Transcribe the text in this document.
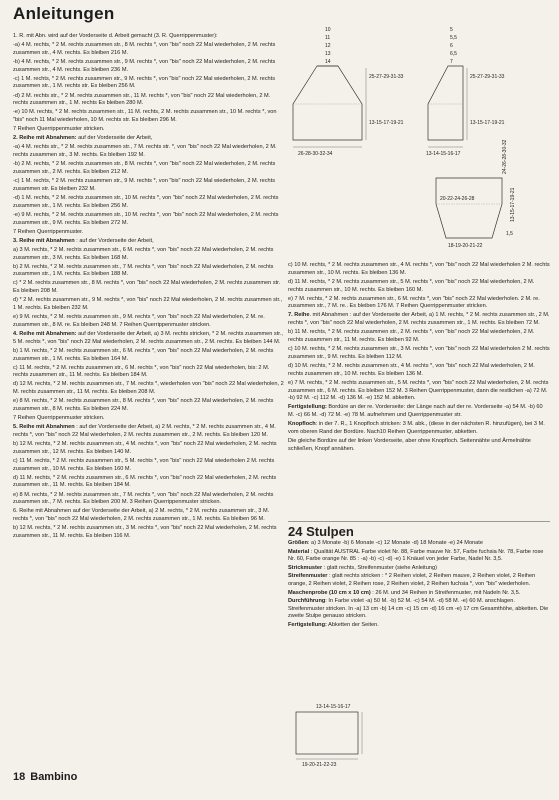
Anleitungen

1. R. mit Abn. wird auf der Vorderseite d. Arbeit gemacht (3. R. Querrippenmuster):

-a) 4 M. rechts, * 2 M. rechts zusammen str., 8 M. rechts *, von "bis" noch 22 Mal wiederholen, 2 M. rechts zusammen str., 4 M. rechts. Es bleiben 216 M.

-b) 4 M. rechts, * 2 M. rechts zusammen str., 9 M. rechts *, von "bis" noch 22 Mal wiederholen, 2 M. rechts zusammen str., 4 M. rechts. Es bleiben 236 M.

-c) 1 M. rechts, * 2 M. rechts zusammen str., 9 M. rechts *, von "bis" noch 22 Mal wiederholen, 2 M. rechts zusammen str., 1 M. rechts str. Es bleiben 256 M.

-d) 2 M. rechts str., * 2 M. rechts zusammen str., 11 M. rechts *, von "bis" noch 22 Mal wiederholen, 2 M. rechts zusammen str., 1 M. rechts Es bleiben 280 M.

-e) 10 M. rechts, * 2 M. rechts zusammen str., 11 M. rechts, 2 M. rechts zusammen str., 10 M. rechts *, von "bis" noch 11 Mal wiederholen, 10 M. rechts str. Es bleiben 296 M.

7 Reihen Querrippenmuster stricken.

2. Reihe mit Abnahmen: auf der Vorderseite der Arbeit,

-a) 4 M. rechts str., * 2 M. rechts zusammen str., 7 M. rechts str. *, von "bis" noch 22 Mal wiederholen, 2 M. rechts zusammen str., 3 M. rechts. Es bleiben 192 M.

-b) 2 M. rechts, * 2 M. rechts zusammen str., 8 M. rechts *, von "bis" noch 22 Mal wiederholen, 2 M. rechts zusammen str., 2 M. rechts. Es bleiben 212 M.

-c) 1 M. rechts, * 2 M. rechts zusammen str., 9 M. rechts *, von "bis" noch 22 Mal wiederholen, 2 M. rechts zusammen str. Es bleiben 232 M.

-d) 1 M. rechts, * 2 M. rechts zusammen str., 10 M. rechts *, von "bis" noch 22 Mal wiederholen, 2 M. rechts zusammen str., 1 M. rechts. Es bleiben 256 M.

-e) 9 M. rechts, * 2 M. rechts zusammen str., 10 M. rechts *, von "bis" noch 22 Mal wiederholen, 2 M. rechts zusammen str., 9 M. rechts. Es bleiben 272 M.

7 Reihen Querrippenmuster.

3. Reihe mit Abnahmen : auf der Vorderseite der Arbeit,

a) 3 M. rechts, * 2 M. rechts zusammen str., 6 M. rechts *, von "bis" noch 22 Mal wiederholen, 2 M. rechts zusammen str., 3 M. rechts. Es bleiben 168 M.

b) 2 M. rechts, * 2 M. rechts zusammen str., 7 M. rechts *, von "bis" noch 22 Mal wiederholen, 2 M. rechts zusammen str., 1 M. rechts. Es bleiben 188 M.

c) * 2 M. rechts zusammen str., 8 M. rechts *, von "bis" noch 22 Mal wiederholen, 2 M. rechts zusammen str. Es bleiben 208 M.

d) * 2 M. rechts zusammen str., 9 M. rechts *, von "bis" noch 22 Mal wiederholen, 2 M. rechts zusammen str., 1 M. rechts. Es bleiben 232 M.

e) 9 M. rechts, * 2 M. rechts zusammen str., 9 M. rechts *, von "bis" noch 22 Mal wiederholen, 2 M. re. zusammen str., 8 M. re. Es bleiben 248 M. 7 Reihen Querrippenmuster stricken.

4. Reihe mit Abnahmen: auf der Vorderseite der Arbeit, a) 3 M. rechts stricken, * 2 M. rechts zusammen str., 5 M. rechts *, von "bis" noch 22 Mal wiederholen, 2 M. rechts zusammen str., 2 M. rechts. Es bleiben 144 M.

b) 1 M. rechts, * 2 M. rechts zusammen str., 6 M. rechts *, von "bis" noch 22 Mal wiederholen, 2 M. rechts zusammen str., 1 M. rechts. Es bleiben 164 M.

c) 11 M. rechts, * 2 M. rechts zusammen str., 6 M. rechts *, von "bis" noch 22 Mal wiederholen, bis: 2 M. rechts zusammen str., 11 M. rechts. Es bleiben 184 M.

d) 12 M. rechts, * 2 M. rechts zusammen str., 7 M. rechts *, wiederholen von "bis" noch 22 Mal wiederholen, 2 M. rechts zusammen str., 11 M. rechts. Es bleiben 208 M.

e) 8 M. rechts, * 2 M. rechts zusammen str., 8 M. rechts *, von "bis" noch 22 Mal wiederholen, 2 M. rechts zusammen str., 8 M. rechts. Es bleiben 224 M.

7 Reihen Querrippenmuster stricken.

5. Reihe mit Abnahmen : auf der Vorderseite der Arbeit, a) 2 M. rechts, * 2 M. rechts zusammen str., 4 M. rechts *, von "bis" noch 22 Mal wiederholen, 2 M. rechts zusammen str., 2 M. rechts. Es bleiben 120 M.

b) 12 M. rechts, * 2 M. rechts zusammen str., 4 M. rechts *, von "bis" noch 22 Mal wiederholen, 2 M. rechts zusammen str., 12 M. rechts. Es bleiben 140 M.

c) 11 M. rechts, * 2 M. rechts zusammen str., 5 M. rechts *, von "bis" noch 22 Mal wiederholen 2 M. rechts zusammen str., 10 M. rechts. Es bleiben 160 M.

d) 11 M. rechts, * 2 M. rechts zusammen str., 6 M. rechts *, von "bis" noch 22 Mal wiederholen, 2 M. rechts zusammen str., 11 M. rechts. Es bleiben 184 M.

e) 8 M. rechts, * 2 M. rechts zusammen str., 7 M. rechts *, von "bis" noch 22 Mal wiederholen, 2 M. rechts zusammen str., 7 M. rechts. Es bleiben 200 M. 3 Reihen Querrippenmuster stricken.

6. Reihe mit Abnahmen auf der Vorderseite der Arbeit, a) 2 M. rechts, * 2 M. rechts zusammen str., 3 M. rechts *, von "bis" noch 22 Mal wiederholen, 2 M. rechts zusammen str., 1 M. rechts. Es bleiben 96 M.

b) 12 M. rechts, * 2 M. rechts zusammen str., 3 M. rechts *, von "bis" noch 22 Mal wiederholen, 2 M. rechts zusammen str., 11 M. rechts. Es bleiben 116 M.

10
11
12
13
14
25-27-29-31-33
13-15-17-19-21
26-28-30-32-34
5
5,5
6
6,5
7
25-27-29-31-33
13-15-17-19-21
13-14-15-16-17	24-26-28-30-32
20-22-24-26-28	13-15-17-19-21
1,5
18-19-20-21-22

c) 10 M. rechts, * 2 M. rechts zusammen str., 4 M. rechts *, von "bis" noch 22 Mal wiederholen 2 M. rechts zusammen str., 10 M. rechts. Es bleiben 136 M.

d) 11 M. rechts, * 2 M. rechts zusammen str., 5 M. rechts *, von "bis" noch 22 Mal wiederholen, 2 M. rechts zusammen str., 10 M. rechts. Es bleiben 160 M.

e) 7 M. rechts, * 2 M. rechts zusammen str., 6 M. rechts *, von "bis" noch 22 Mal wiederholen. 2 M. re. zusammen str., 7 M. re.. Es bleiben 176 M. 7 Reihen Querrippenmuster stricken.

7. Reihe. mit Abnahmen : auf der Vorderseite der Arbeit, a) 1 M. rechts, * 2 M. rechts zusammen str., 2 M. rechts *, von "bis" noch 22 Mal wiederholen, 2 M. rechts zusammen str., 1 M. rechts. Es bleiben 72 M.

b) 11 M. rechts, * 2 M. rechts zusammen str., 2 M. rechts *, von "bis" noch 22 Mal wiederholen, 2 M. rechts zusammen str., 11 M. rechts. Es bleiben 92 M.

c) 10 M. rechts, * 2 M. rechts zusammen str., 3 M. rechts *, von "bis" noch 22 Mal wiederholen 2 M. rechts zusammen str., 9 M. rechts. Es bleiben 112 M.

d) 10 M. rechts, * 2 M. rechts zusammen str., 4 M. rechts *, von "bis" noch 22 Mal wiederholen, 2 M. rechts zusammen str., 10 M. rechts. Es bleiben 136 M.

e) 7 M. rechts, * 2 M. rechts zusammen str., 5 M. rechts *, von "bis" noch 22 Mal wiederholen, 2 M. rechts zusammen str., 6 M. rechts. Es bleiben 152 M. 3 Reihen Querrippenmuster, dann die restlichen -a) 72 M. -b) 92 M. -c) 112 M. -d) 136 M. -e) 152 M. abketten.

Fertigstellung: Bordüre an der re. Vorderseite: der Länge nach auf der re. Vorderseite -a) 54 M. -b) 60 M. -c) 66 M. -d) 72 M. -e) 78 M. aufnehmen und Querrippenmuster str.

Knopfloch: in der 7. R., 1 Knopfloch stricken: 3 M. abk., (diese in der nächsten R. hinzufügen), bei 3 M. vom oberen Rand der Bordüre. Nach10 Reihen Querrippenmuster, abketten.

Die gleiche Bordüre auf der linken Vorderseite, aber ohne Knopfloch. Seitennähte und Ärmelnähte schließen, Knopf annähen.

24 Stulpen

Größen: a) 3 Monate -b) 6 Monate -c) 12 Monate -d) 18 Monate -e) 24 Monate

Material : Qualität AUSTRAL Farbe violet Nr. 88, Farbe mauve Nr. 57, Farbe fuchsia Nr. 78, Farbe rose Nr. 60, Farbe orange Nr. 85 : -a) -b) -c) -d) -e) 1 Knäuel von jeder Farbe, Nadel Nr. 3,5.

Strickmuster : glatt rechts, Streifenmuster (siehe Anleitung)

Streifenmuster : glatt rechts stricken : * 2 Reihen violet, 2 Reihen mauve, 2 Reihen violet, 2 Reihen orange, 2 Reihen violet, 2 Reihen rose, 2 Reihen violet, 2 Reihen fuchsia *, von "bis" wiederholen.

Maschenprobe (10 cm x 10 cm) : 26 M. und 34 Reihen in Streifenmuster, mit Nadeln Nr. 3,5.

Durchführung: In Farbe violet -a) 50 M. -b) 52 M. -c) 54 M. -d) 58 M. -e) 60 M. anschlagen. Streifenmuster stricken. In -a) 13 cm -b) 14 cm -c) 15 cm -d) 16 cm -e) 17 cm Gesamthöhe, abketten. Die zweite Stulpe genauso stricken.

Fertigstellung: Abketten der Seiten.

13-14-15-16-17
19-20-21-22-23
18 Bambino
